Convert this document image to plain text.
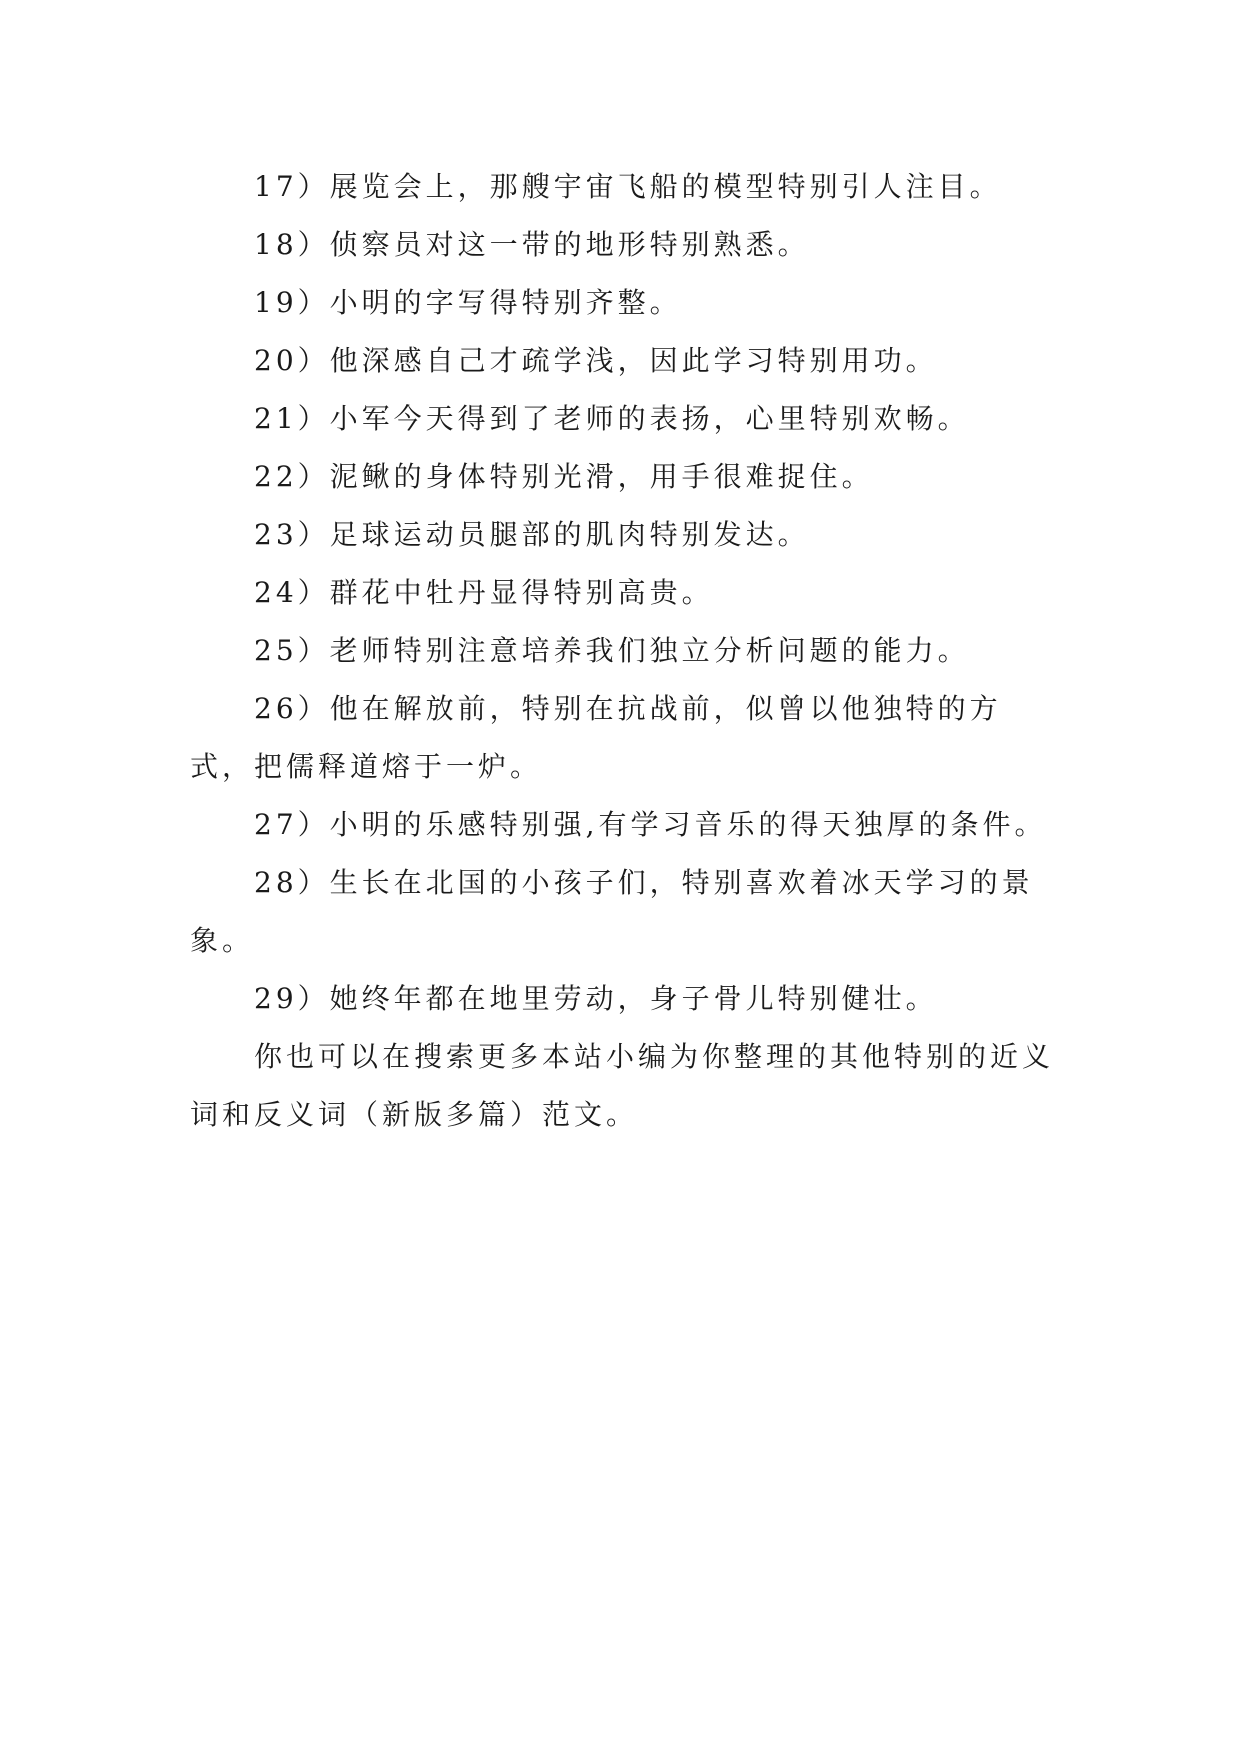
17）展览会上，那艘宇宙飞船的模型特别引人注目。

18）侦察员对这一带的地形特别熟悉。

19）小明的字写得特别齐整。

20）他深感自己才疏学浅，因此学习特别用功。

21）小军今天得到了老师的表扬，心里特别欢畅。

22）泥鳅的身体特别光滑，用手很难捉住。

23）足球运动员腿部的肌肉特别发达。

24）群花中牡丹显得特别高贵。

25）老师特别注意培养我们独立分析问题的能力。

26）他在解放前，特别在抗战前，似曾以他独特的方式，把儒释道熔于一炉。

27）小明的乐感特别强,有学习音乐的得天独厚的条件。

28）生长在北国的小孩子们，特别喜欢着冰天学习的景象。

29）她终年都在地里劳动，身子骨儿特别健壮。

你也可以在搜索更多本站小编为你整理的其他特别的近义词和反义词（新版多篇）范文。
